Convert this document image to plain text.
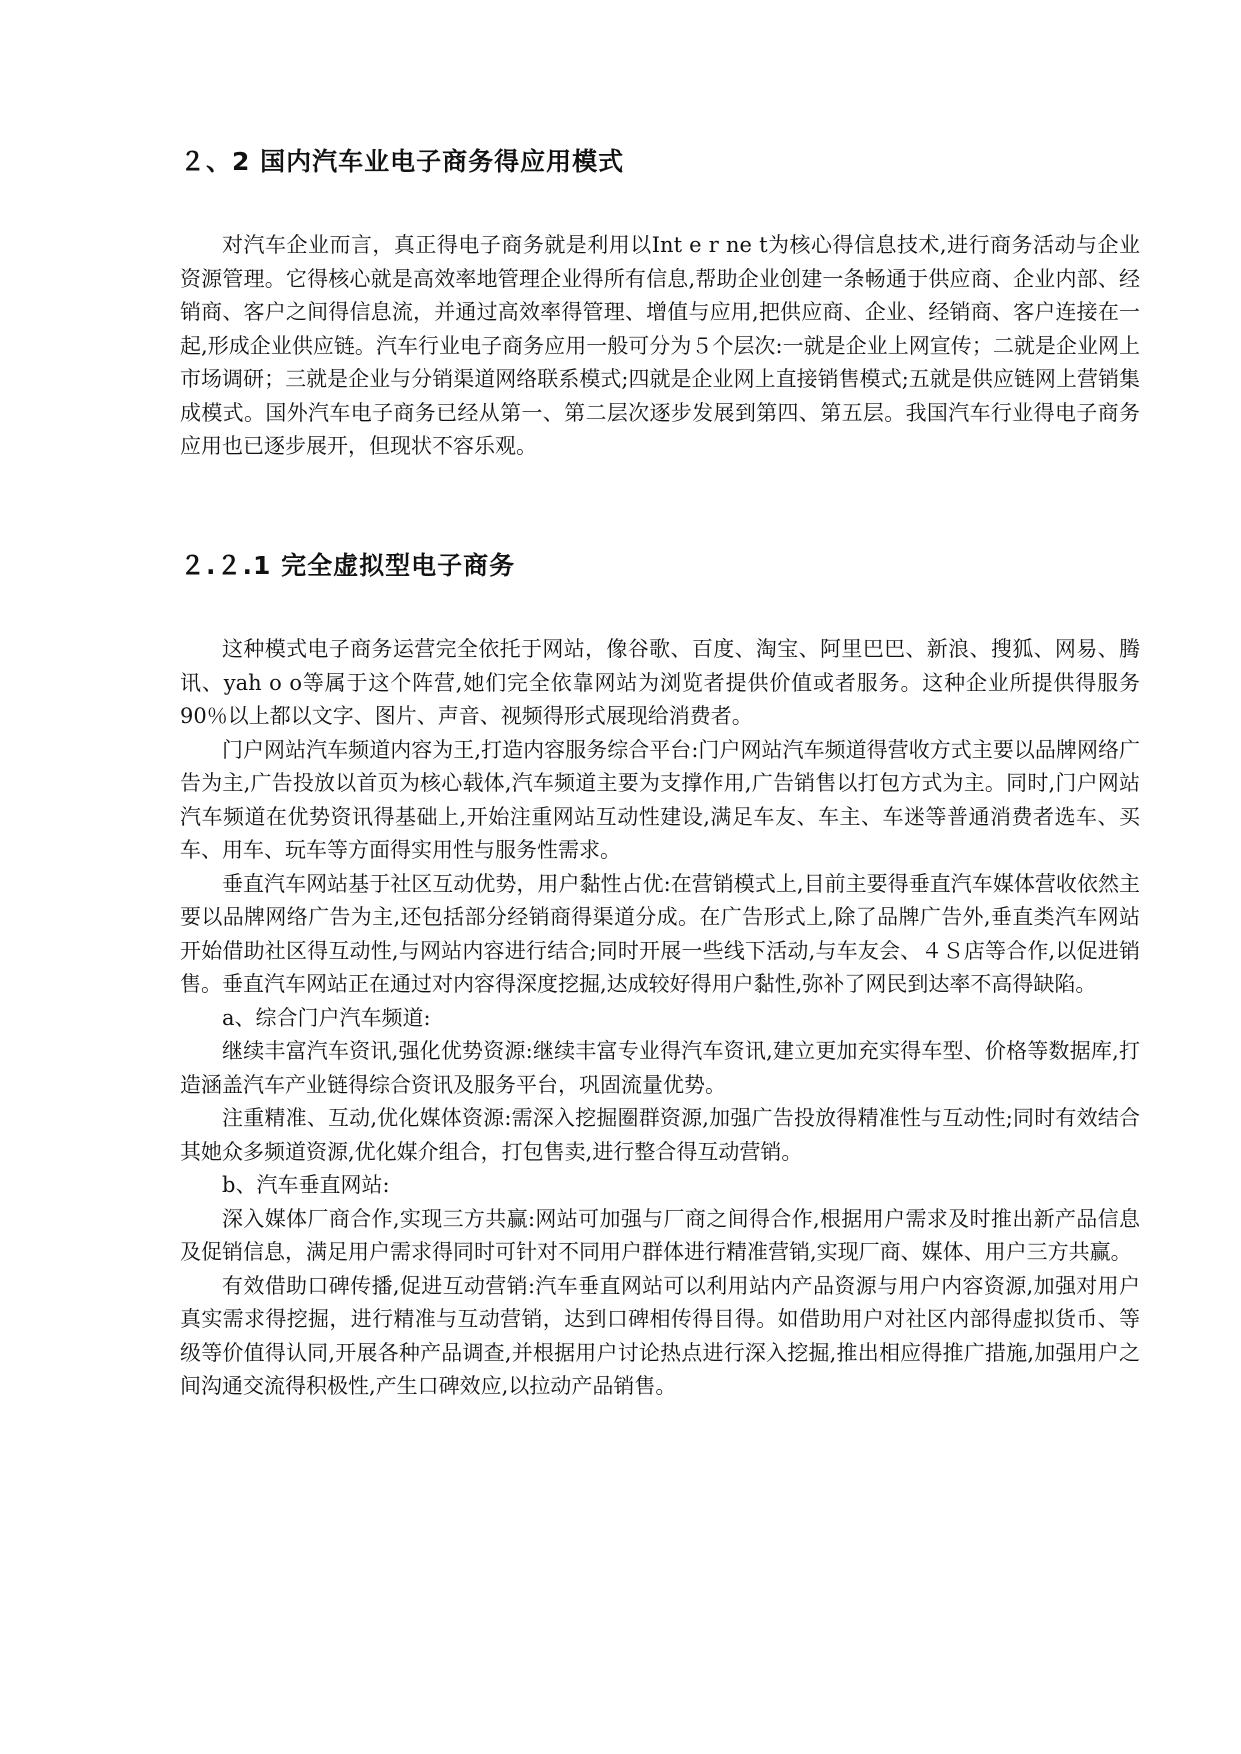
２、2 国内汽车业电子商务得应用模式

对汽车企业而言，真正得电子商务就是利用以Int e r ne t为核心得信息技术,进行商务活动与企业资源管理。它得核心就是高效率地管理企业得所有信息,帮助企业创建一条畅通于供应商、企业内部、经销商、客户之间得信息流，并通过高效率得管理、增值与应用,把供应商、企业、经销商、客户连接在一起,形成企业供应链。汽车行业电子商务应用一般可分为５个层次:一就是企业上网宣传；二就是企业网上市场调研；三就是企业与分销渠道网络联系模式;四就是企业网上直接销售模式;五就是供应链网上营销集成模式。国外汽车电子商务已经从第一、第二层次逐步发展到第四、第五层。我国汽车行业得电子商务应用也已逐步展开，但现状不容乐观。

２.２.1 完全虚拟型电子商务

这种模式电子商务运营完全依托于网站，像谷歌、百度、淘宝、阿里巴巴、新浪、搜狐、网易、腾讯、yah o o等属于这个阵营,她们完全依靠网站为浏览者提供价值或者服务。这种企业所提供得服务90％以上都以文字、图片、声音、视频得形式展现给消费者。

门户网站汽车频道内容为王,打造内容服务综合平台:门户网站汽车频道得营收方式主要以品牌网络广告为主,广告投放以首页为核心载体,汽车频道主要为支撑作用,广告销售以打包方式为主。同时,门户网站汽车频道在优势资讯得基础上,开始注重网站互动性建设,满足车友、车主、车迷等普通消费者选车、买车、用车、玩车等方面得实用性与服务性需求。

垂直汽车网站基于社区互动优势，用户黏性占优:在营销模式上,目前主要得垂直汽车媒体营收依然主要以品牌网络广告为主,还包括部分经销商得渠道分成。在广告形式上,除了品牌广告外,垂直类汽车网站开始借助社区得互动性,与网站内容进行结合;同时开展一些线下活动,与车友会、４Ｓ店等合作,以促进销售。垂直汽车网站正在通过对内容得深度挖掘,达成较好得用户黏性,弥补了网民到达率不高得缺陷。

a、综合门户汽车频道:

继续丰富汽车资讯,强化优势资源:继续丰富专业得汽车资讯,建立更加充实得车型、价格等数据库,打造涵盖汽车产业链得综合资讯及服务平台，巩固流量优势。

注重精准、互动,优化媒体资源:需深入挖掘圈群资源,加强广告投放得精准性与互动性;同时有效结合其她众多频道资源,优化媒介组合，打包售卖,进行整合得互动营销。

b、汽车垂直网站:

深入媒体厂商合作,实现三方共赢:网站可加强与厂商之间得合作,根据用户需求及时推出新产品信息及促销信息，满足用户需求得同时可针对不同用户群体进行精准营销,实现厂商、媒体、用户三方共赢。

有效借助口碑传播,促进互动营销:汽车垂直网站可以利用站内产品资源与用户内容资源,加强对用户真实需求得挖掘，进行精准与互动营销，达到口碑相传得目得。如借助用户对社区内部得虚拟货币、等级等价值得认同,开展各种产品调查,并根据用户讨论热点进行深入挖掘,推出相应得推广措施,加强用户之间沟通交流得积极性,产生口碑效应,以拉动产品销售。
